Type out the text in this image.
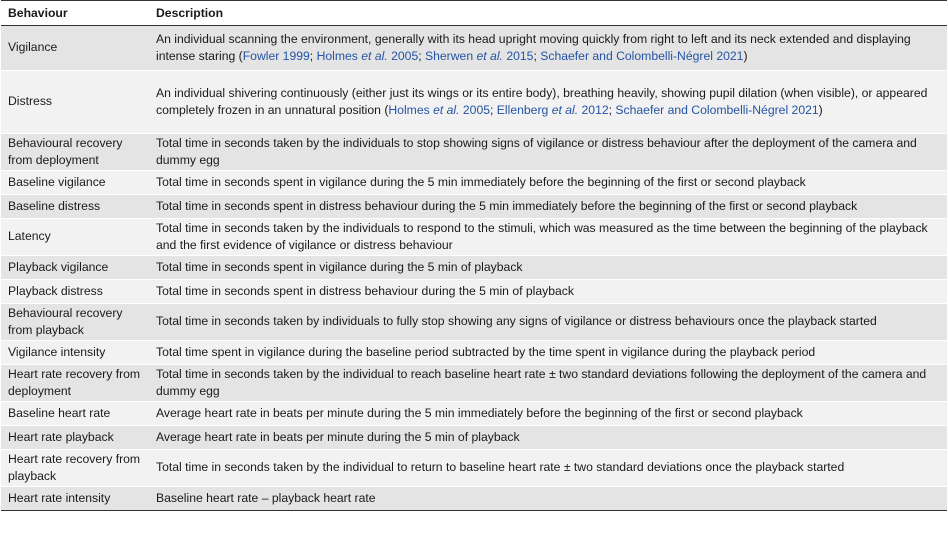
Behaviour	Description
Vigilance	An individual scanning the environment, generally with its head upright moving quickly from right to left and its neck extended and displaying intense staring (Fowler 1999; Holmes et al. 2005; Sherwen et al. 2015; Schaefer and Colombelli-Négrel 2021)
Distress	An individual shivering continuously (either just its wings or its entire body), breathing heavily, showing pupil dilation (when visible), or appeared completely frozen in an unnatural position (Holmes et al. 2005; Ellenberg et al. 2012; Schaefer and Colombelli-Négrel 2021)
Behavioural recovery from deployment	Total time in seconds taken by the individuals to stop showing signs of vigilance or distress behaviour after the deployment of the camera and dummy egg
Baseline vigilance	Total time in seconds spent in vigilance during the 5 min immediately before the beginning of the first or second playback
Baseline distress	Total time in seconds spent in distress behaviour during the 5 min immediately before the beginning of the first or second playback
Latency	Total time in seconds taken by the individuals to respond to the stimuli, which was measured as the time between the beginning of the playback and the first evidence of vigilance or distress behaviour
Playback vigilance	Total time in seconds spent in vigilance during the 5 min of playback
Playback distress	Total time in seconds spent in distress behaviour during the 5 min of playback
Behavioural recovery from playback	Total time in seconds taken by individuals to fully stop showing any signs of vigilance or distress behaviours once the playback started
Vigilance intensity	Total time spent in vigilance during the baseline period subtracted by the time spent in vigilance during the playback period
Heart rate recovery from deployment	Total time in seconds taken by the individual to reach baseline heart rate ± two standard deviations following the deployment of the camera and dummy egg
Baseline heart rate	Average heart rate in beats per minute during the 5 min immediately before the beginning of the first or second playback
Heart rate playback	Average heart rate in beats per minute during the 5 min of playback
Heart rate recovery from playback	Total time in seconds taken by the individual to return to baseline heart rate ± two standard deviations once the playback started
Heart rate intensity	Baseline heart rate – playback heart rate
